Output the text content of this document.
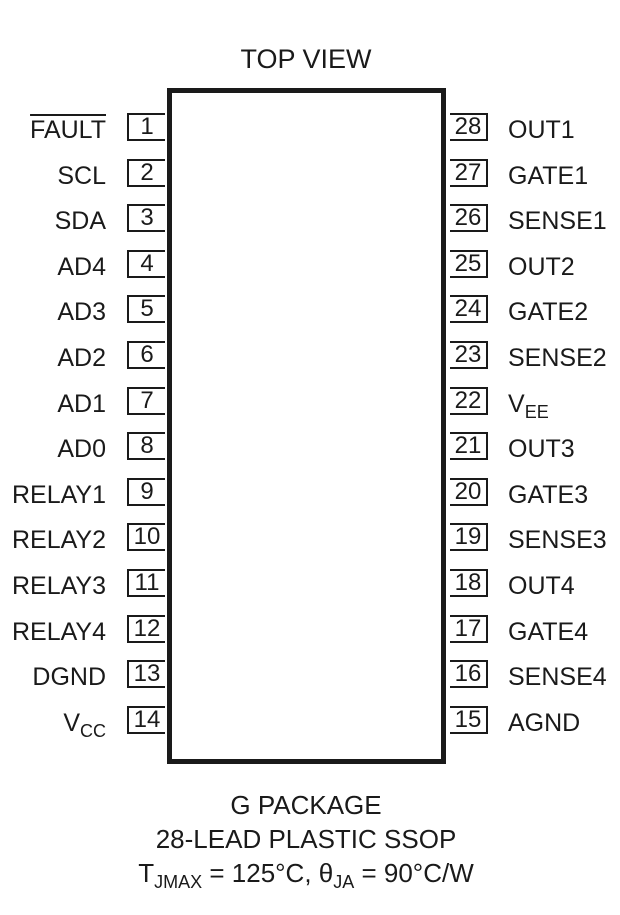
TOP VIEW
1
FAULT
2
SCL
3
SDA
4
AD4
5
AD3
6
AD2
7
AD1
8
AD0
9
RELAY1
10
RELAY2
11
RELAY3
12
RELAY4
13
DGND
14
$V_{CC}$
28 OUT1
27 GATE1
26 SENSE1
25 OUT2
24 GATE2
23 SENSE2
22 $V_{EE}$
21 OUT3
20 GATE3
19 SENSE3
18 OUT4
17 GATE4
16 SENSE4
15 AGND
G PACKAGE
28-LEAD PLASTIC SSOP
$T_{JMAX} = 125^\circ C$, $\theta_{JA} = 90^\circ C/W$
